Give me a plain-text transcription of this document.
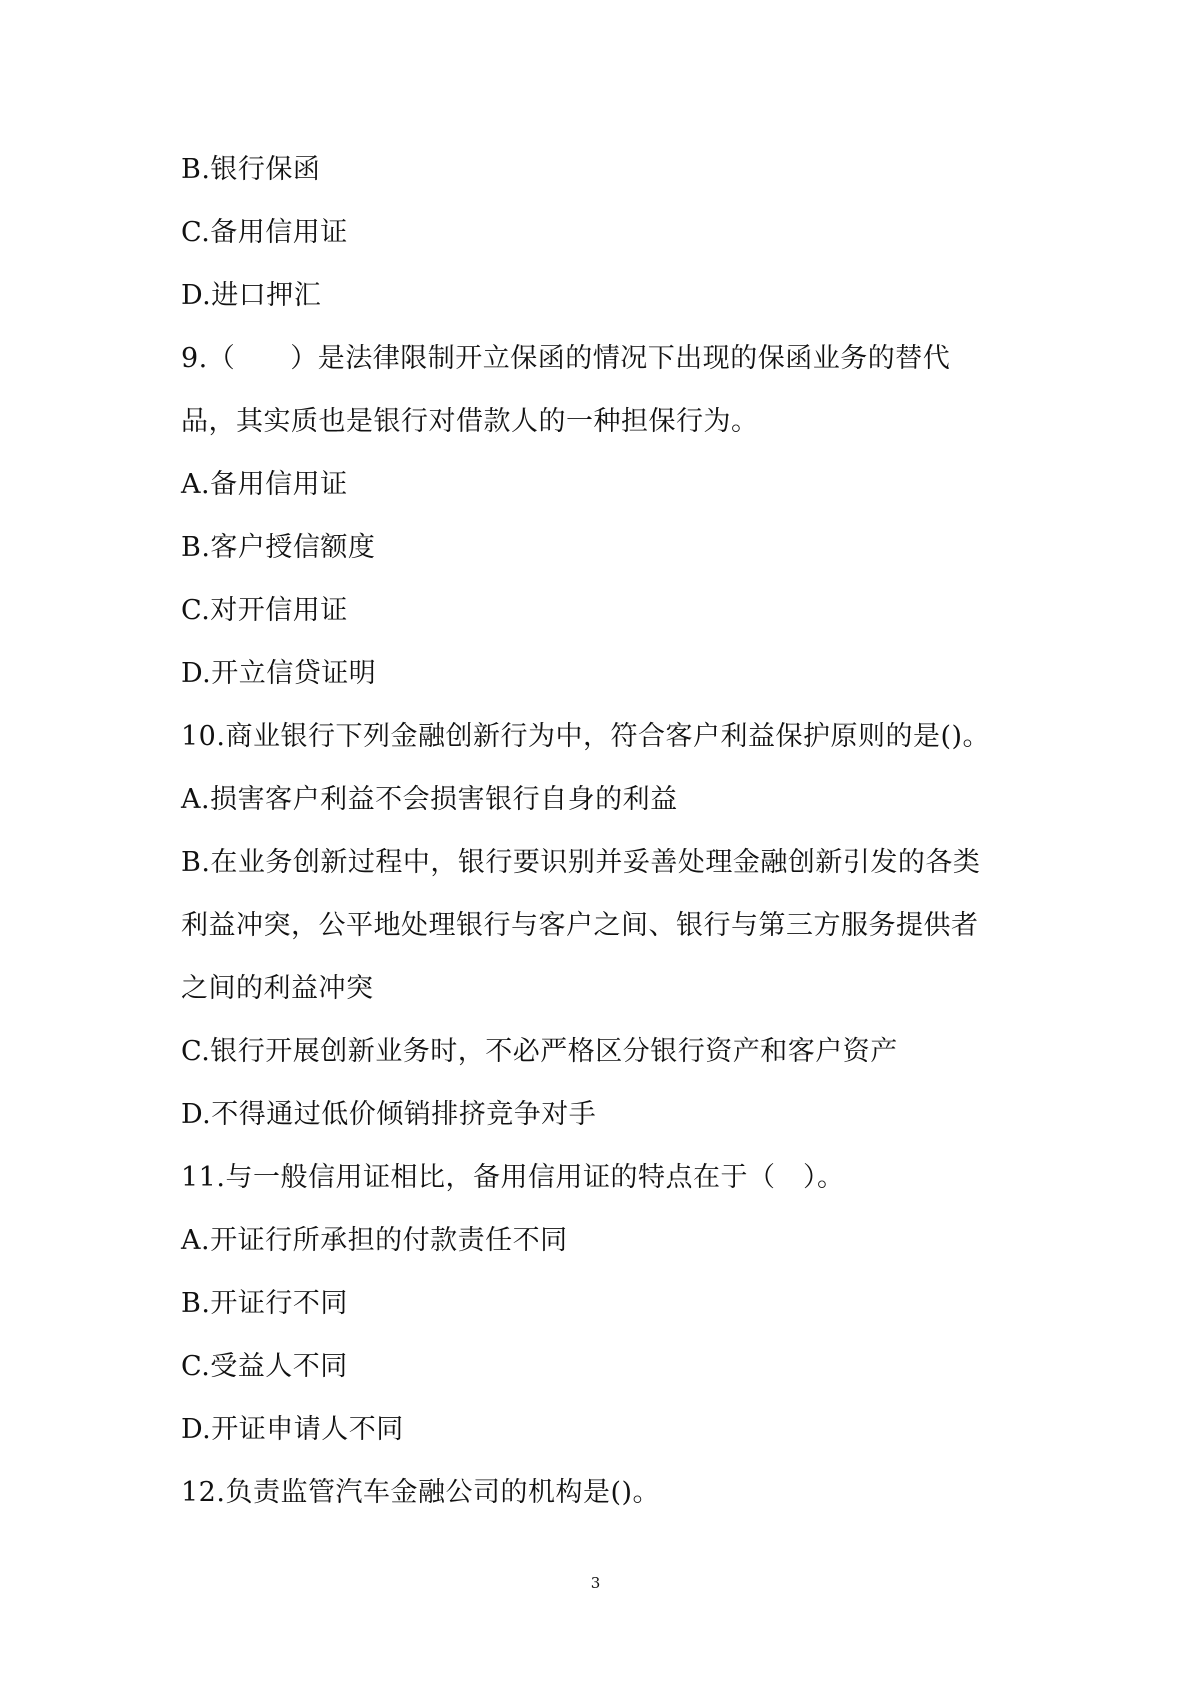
B.银行保函
C.备用信用证
D.进口押汇
9.（　　）是法律限制开立保函的情况下出现的保函业务的替代
品，其实质也是银行对借款人的一种担保行为。
A.备用信用证
B.客户授信额度
C.对开信用证
D.开立信贷证明
10.商业银行下列金融创新行为中，符合客户利益保护原则的是()。
A.损害客户利益不会损害银行自身的利益
B.在业务创新过程中，银行要识别并妥善处理金融创新引发的各类
利益冲突，公平地处理银行与客户之间、银行与第三方服务提供者
之间的利益冲突
C.银行开展创新业务时，不必严格区分银行资产和客户资产
D.不得通过低价倾销排挤竞争对手
11.与一般信用证相比，备用信用证的特点在于（　）。
A.开证行所承担的付款责任不同
B.开证行不同
C.受益人不同
D.开证申请人不同
12.负责监管汽车金融公司的机构是()。
3
